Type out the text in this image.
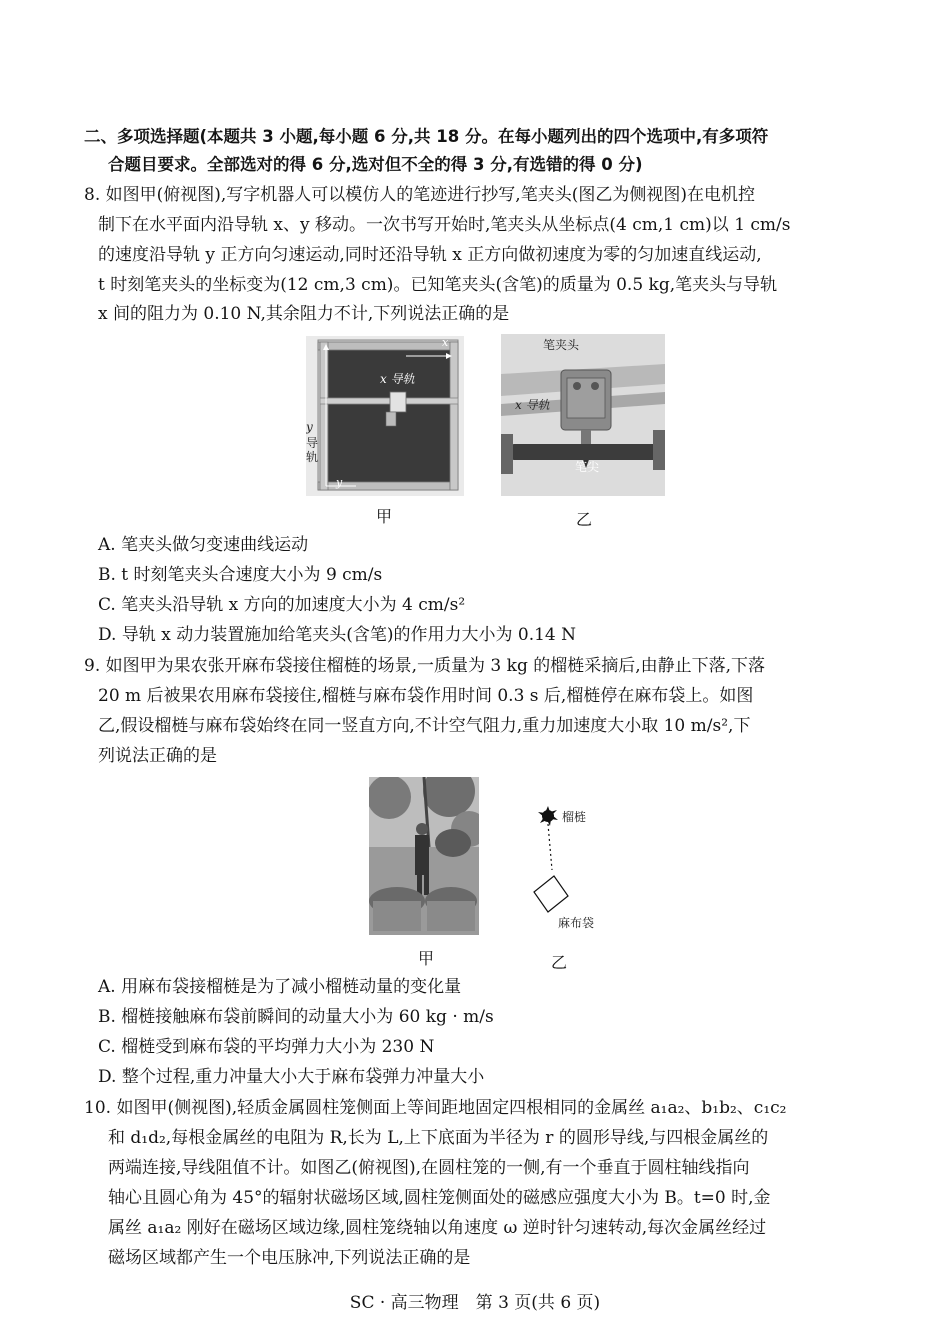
二、多项选择题(本题共 3 小题,每小题 6 分,共 18 分。在每小题列出的四个选项中,有多项符
合题目要求。全部选对的得 6 分,选对但不全的得 3 分,有选错的得 0 分)
8. 如图甲(俯视图),写字机器人可以模仿人的笔迹进行抄写,笔夹头(图乙为侧视图)在电机控
制下在水平面内沿导轨 x、y 移动。一次书写开始时,笔夹头从坐标点(4 cm,1 cm)以 1 cm/s
的速度沿导轨 y 正方向匀速运动,同时还沿导轨 x 正方向做初速度为零的匀加速直线运动,
t 时刻笔夹头的坐标变为(12 cm,3 cm)。已知笔夹头(含笔)的质量为 0.5 kg,笔夹头与导轨
x 间的阻力为 0.10 N,其余阻力不计,下列说法正确的是
x 导轨
y
导
轨
x
y
笔夹头
x 导轨
笔尖
甲	乙
A. 笔夹头做匀变速曲线运动
B. t 时刻笔夹头合速度大小为 9 cm/s
C. 笔夹头沿导轨 x 方向的加速度大小为 4 cm/s²
D. 导轨 x 动力装置施加给笔夹头(含笔)的作用力大小为 0.14 N
9. 如图甲为果农张开麻布袋接住榴梿的场景,一质量为 3 kg 的榴梿采摘后,由静止下落,下落
20 m 后被果农用麻布袋接住,榴梿与麻布袋作用时间 0.3 s 后,榴梿停在麻布袋上。如图
乙,假设榴梿与麻布袋始终在同一竖直方向,不计空气阻力,重力加速度大小取 10 m/s²,下
列说法正确的是
榴梿
麻布袋
甲	乙
A. 用麻布袋接榴梿是为了减小榴梿动量的变化量
B. 榴梿接触麻布袋前瞬间的动量大小为 60 kg · m/s
C. 榴梿受到麻布袋的平均弹力大小为 230 N
D. 整个过程,重力冲量大小大于麻布袋弹力冲量大小
10. 如图甲(侧视图),轻质金属圆柱笼侧面上等间距地固定四根相同的金属丝 a₁a₂、b₁b₂、c₁c₂
和 d₁d₂,每根金属丝的电阻为 R,长为 L,上下底面为半径为 r 的圆形导线,与四根金属丝的
两端连接,导线阻值不计。如图乙(俯视图),在圆柱笼的一侧,有一个垂直于圆柱轴线指向
轴心且圆心角为 45°的辐射状磁场区域,圆柱笼侧面处的磁感应强度大小为 B。t=0 时,金
属丝 a₁a₂ 刚好在磁场区域边缘,圆柱笼绕轴以角速度 ω 逆时针匀速转动,每次金属丝经过
磁场区域都产生一个电压脉冲,下列说法正确的是
SC · 高三物理　第 3 页(共 6 页)
